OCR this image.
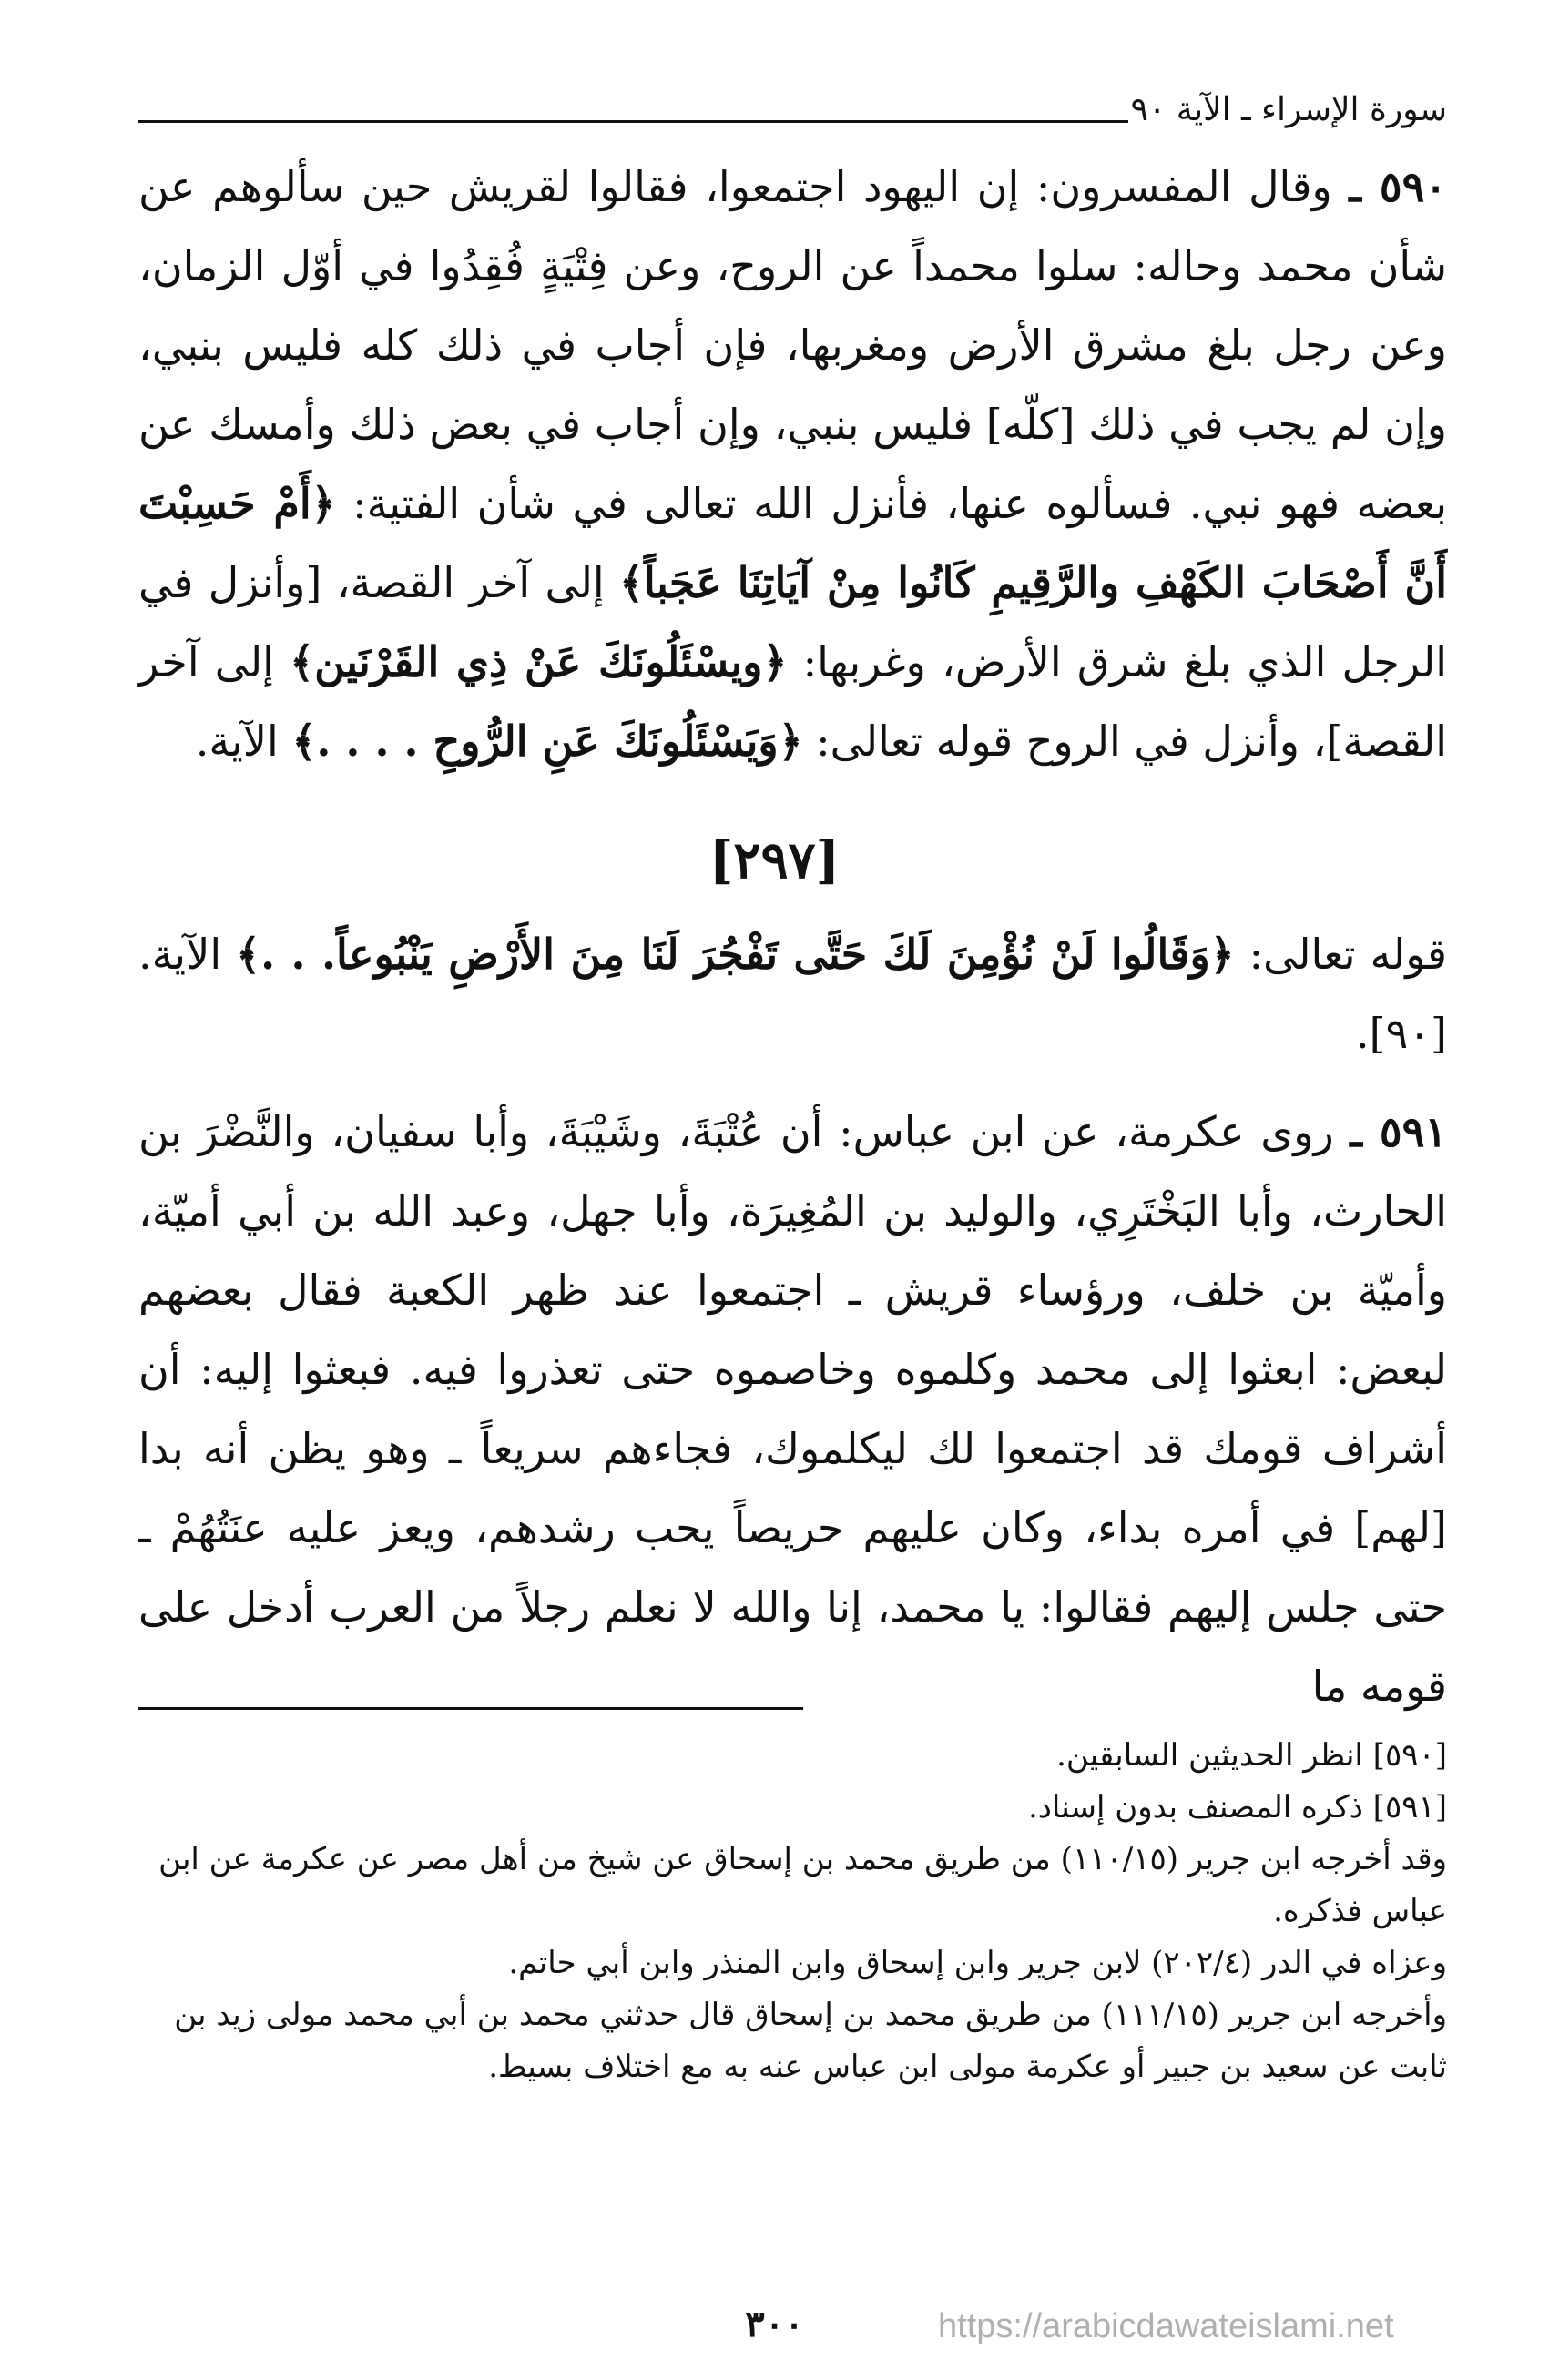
سورة الإسراء ـ الآية ٩٠

٥٩٠ ـ وقال المفسرون: إن اليهود اجتمعوا، فقالوا لقريش حين سألوهم عن شأن محمد وحاله: سلوا محمداً عن الروح، وعن فِتْيَةٍ فُقِدُوا في أوّل الزمان، وعن رجل بلغ مشرق الأرض ومغربها، فإن أجاب في ذلك كله فليس بنبي، وإن لم يجب في ذلك [كلّه] فليس بنبي، وإن أجاب في بعض ذلك وأمسك عن بعضه فهو نبي. فسألوه عنها، فأنزل الله تعالى في شأن الفتية: ﴿أَمْ حَسِبْتَ أَنَّ أَصْحَابَ الكَهْفِ والرَّقِيمِ كَانُوا مِنْ آيَاتِنَا عَجَباً﴾ إلى آخر القصة، [وأنزل في الرجل الذي بلغ شرق الأرض، وغربها: ﴿ويسْئَلُونَكَ عَنْ ذِي القَرْنَين﴾ إلى آخر القصة]، وأنزل في الروح قوله تعالى: ﴿وَيَسْئَلُونَكَ عَنِ الرُّوحِ . . . .﴾ الآية.

[٢٩٧]

قوله تعالى: ﴿وَقَالُوا لَنْ نُؤْمِنَ لَكَ حَتَّى تَفْجُرَ لَنَا مِنَ الأَرْضِ يَنْبُوعاً. . .﴾ الآية. [٩٠].

٥٩١ ـ روى عكرمة، عن ابن عباس: أن عُتْبَةَ، وشَيْبَةَ، وأبا سفيان، والنَّضْرَ بن الحارث، وأبا البَخْتَرِي، والوليد بن المُغِيرَة، وأبا جهل، وعبد الله بن أبي أميّة، وأميّة بن خلف، ورؤساء قريش ـ اجتمعوا عند ظهر الكعبة فقال بعضهم لبعض: ابعثوا إلى محمد وكلموه وخاصموه حتى تعذروا فيه. فبعثوا إليه: أن أشراف قومك قد اجتمعوا لك ليكلموك، فجاءهم سريعاً ـ وهو يظن أنه بدا [لهم] في أمره بداء، وكان عليهم حريصاً يحب رشدهم، ويعز عليه عنَتُهُمْ ـ حتى جلس إليهم فقالوا: يا محمد، إنا والله لا نعلم رجلاً من العرب أدخل على قومه ما

[٥٩٠] انظر الحديثين السابقين.

[٥٩١] ذكره المصنف بدون إسناد.

وقد أخرجه ابن جرير (١١٠/١٥) من طريق محمد بن إسحاق عن شيخ من أهل مصر عن عكرمة عن ابن عباس فذكره.

وعزاه في الدر (٢٠٢/٤) لابن جرير وابن إسحاق وابن المنذر وابن أبي حاتم.

وأخرجه ابن جرير (١١١/١٥) من طريق محمد بن إسحاق قال حدثني محمد بن أبي محمد مولى زيد بن ثابت عن سعيد بن جبير أو عكرمة مولى ابن عباس عنه به مع اختلاف بسيط.

٣٠٠	https://arabicdawateislami.net
